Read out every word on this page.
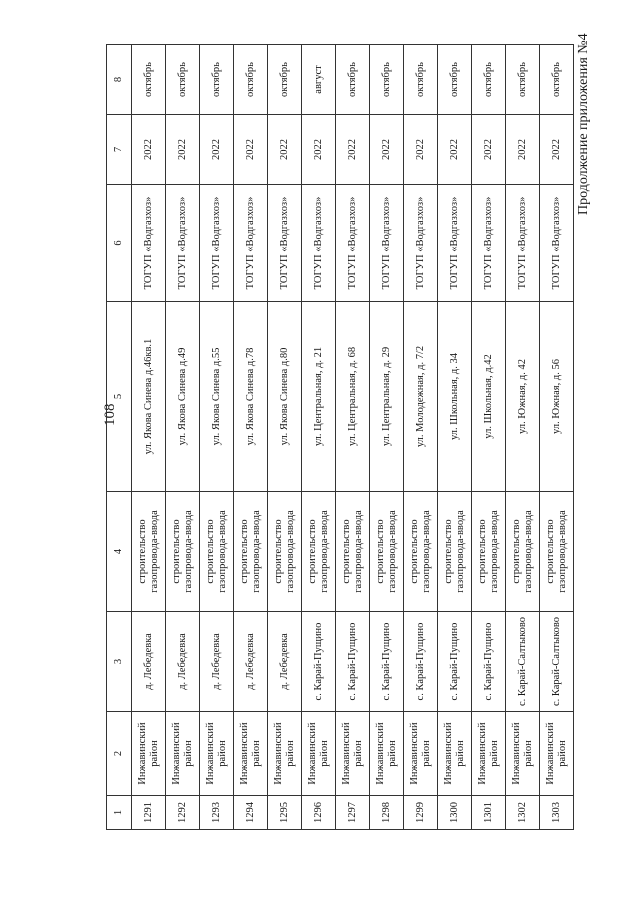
108
Продолжение приложения №4
1	2	3	4	5	6	7	8
1291	Инжавинский район	д. Лебедевка	строительство газопровода-ввода	ул. Якова Синева д.46кв.1	ТОГУП «Водгазхоз»	2022	октябрь
1292	Инжавинский район	д. Лебедевка	строительство газопровода-ввода	ул. Якова Синева д.49	ТОГУП «Водгазхоз»	2022	октябрь
1293	Инжавинский район	д. Лебедевка	строительство газопровода-ввода	ул. Якова Синева д.55	ТОГУП «Водгазхоз»	2022	октябрь
1294	Инжавинский район	д. Лебедевка	строительство газопровода-ввода	ул. Якова Синева д.78	ТОГУП «Водгазхоз»	2022	октябрь
1295	Инжавинский район	д. Лебедевка	строительство газопровода-ввода	ул. Якова Синева д.80	ТОГУП «Водгазхоз»	2022	октябрь
1296	Инжавинский район	с. Карай-Пущино	строительство газопровода-ввода	ул. Центральная, д. 21	ТОГУП «Водгазхоз»	2022	август
1297	Инжавинский район	с. Карай-Пущино	строительство газопровода-ввода	ул. Центральная, д. 68	ТОГУП «Водгазхоз»	2022	октябрь
1298	Инжавинский район	с. Карай-Пущино	строительство газопровода-ввода	ул. Центральная, д. 29	ТОГУП «Водгазхоз»	2022	октябрь
1299	Инжавинский район	с. Карай-Пущино	строительство газопровода-ввода	ул. Молодежная, д. 7/2	ТОГУП «Водгазхоз»	2022	октябрь
1300	Инжавинский район	с. Карай-Пущино	строительство газопровода-ввода	ул. Школьная, д. 34	ТОГУП «Водгазхоз»	2022	октябрь
1301	Инжавинский район	с. Карай-Пущино	строительство газопровода-ввода	ул. Школьная, д.42	ТОГУП «Водгазхоз»	2022	октябрь
1302	Инжавинский район	с. Карай-Салтыково	строительство газопровода-ввода	ул. Южная, д. 42	ТОГУП «Водгазхоз»	2022	октябрь
1303	Инжавинский район	с. Карай-Салтыково	строительство газопровода-ввода	ул. Южная, д. 56	ТОГУП «Водгазхоз»	2022	октябрь
